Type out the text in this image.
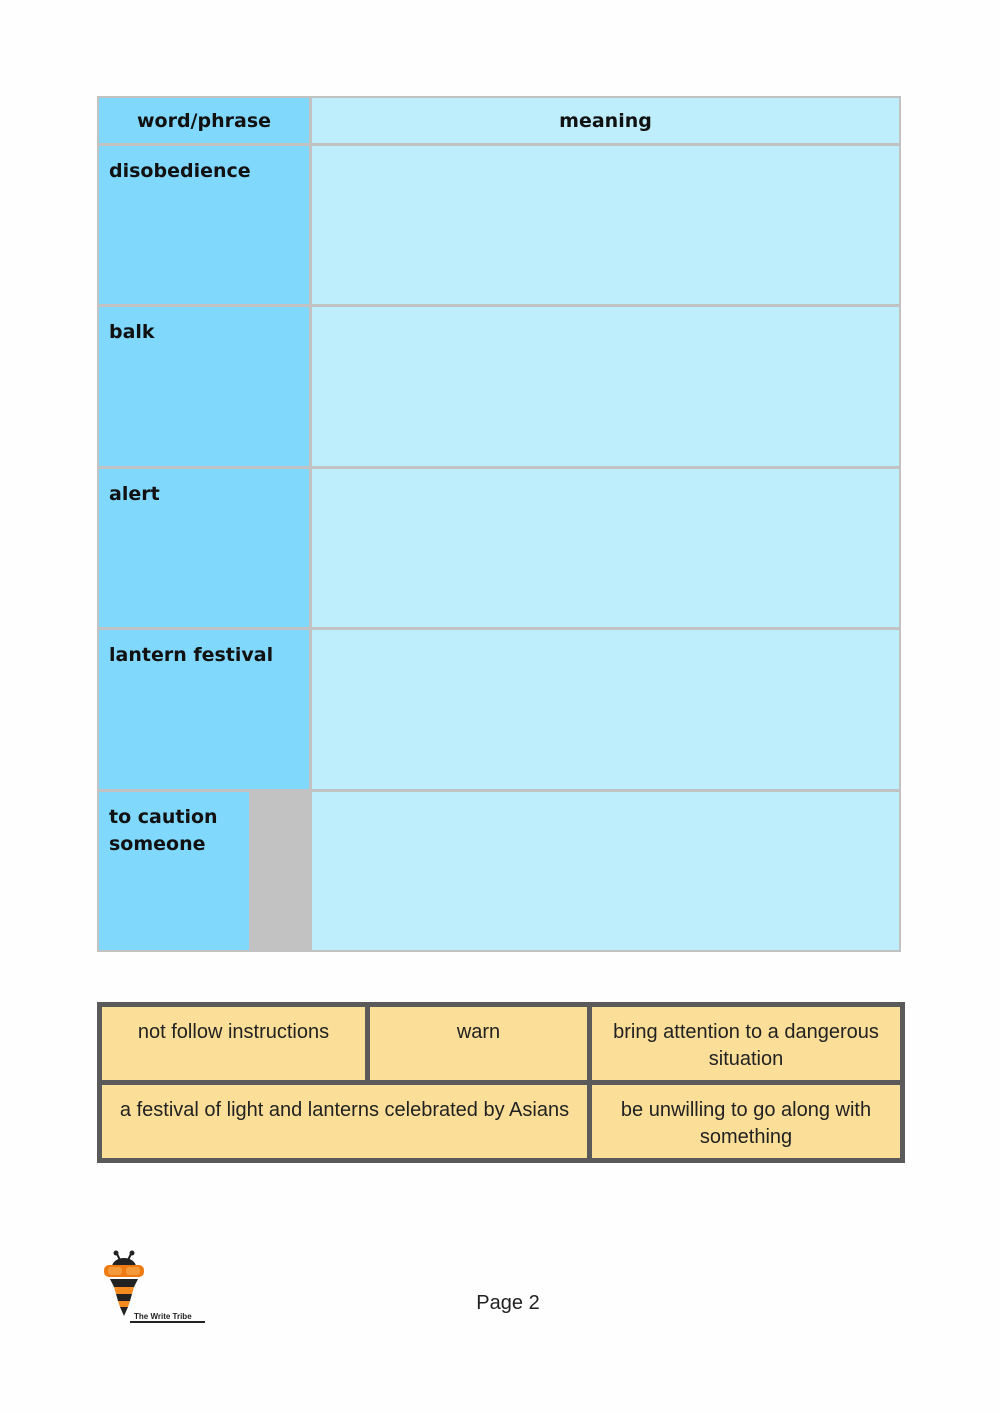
word/phrase	meaning
disobedience
balk
alert
lantern festival
to caution someone
not follow instructions	warn	bring attention to a dangerous situation
a festival of light and lanterns celebrated by Asians	be unwilling to go along with something
The Write Tribe
Page 2
